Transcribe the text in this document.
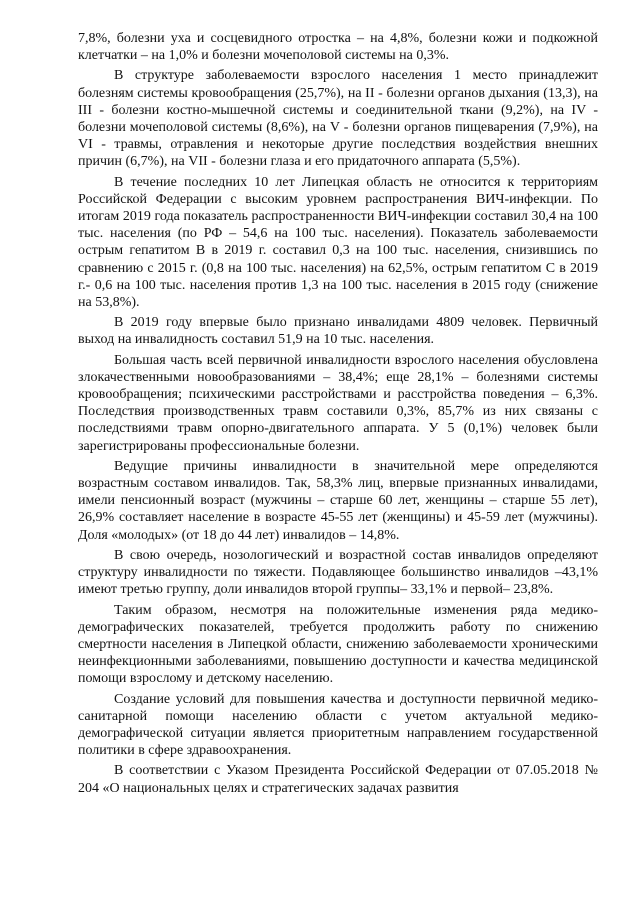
7,8%, болезни уха и сосцевидного отростка – на 4,8%, болезни кожи и подкожной клетчатки – на 1,0% и болезни мочеполовой системы на 0,3%.

В структуре заболеваемости взрослого населения 1 место принадлежит болезням системы кровообращения (25,7%), на II - болезни органов дыхания (13,3), на III - болезни костно-мышечной системы и соединительной ткани (9,2%), на IV - болезни мочеполовой системы (8,6%), на V - болезни органов пищеварения (7,9%), на VI - травмы, отравления и некоторые другие последствия воздействия внешних причин (6,7%), на VII - болезни глаза и его придаточного аппарата (5,5%).

В течение последних 10 лет Липецкая область не относится к территориям Российской Федерации с высоким уровнем распространения ВИЧ-инфекции. По итогам 2019 года показатель распространенности ВИЧ-инфекции составил 30,4 на 100 тыс. населения (по РФ – 54,6 на 100 тыс. населения). Показатель заболеваемости острым гепатитом В в 2019 г. составил 0,3 на 100 тыс. населения, снизившись по сравнению с 2015 г. (0,8 на 100 тыс. населения) на 62,5%, острым гепатитом С в 2019 г.- 0,6 на 100 тыс. населения против 1,3 на 100 тыс. населения в 2015 году (снижение на 53,8%).

В 2019 году впервые было признано инвалидами 4809 человек. Первичный выход на инвалидность составил 51,9 на 10 тыс. населения.

Большая часть всей первичной инвалидности взрослого населения обусловлена злокачественными новообразованиями – 38,4%; еще 28,1% – болезнями системы кровообращения; психическими расстройствами и расстройства поведения – 6,3%. Последствия производственных травм составили 0,3%, 85,7% из них связаны с последствиями травм опорно-двигательного аппарата. У 5 (0,1%) человек были зарегистрированы профессиональные болезни.

Ведущие причины инвалидности в значительной мере определяются возрастным составом инвалидов. Так, 58,3% лиц, впервые признанных инвалидами, имели пенсионный возраст (мужчины – старше 60 лет, женщины – старше 55 лет), 26,9% составляет население в возрасте 45-55 лет (женщины) и 45-59 лет (мужчины). Доля «молодых» (от 18 до 44 лет) инвалидов – 14,8%.

В свою очередь, нозологический и возрастной состав инвалидов определяют структуру инвалидности по тяжести. Подавляющее большинство инвалидов –43,1% имеют третью группу, доли инвалидов второй группы– 33,1% и первой– 23,8%.

Таким образом, несмотря на положительные изменения ряда медико-демографических показателей, требуется продолжить работу по снижению смертности населения в Липецкой области, снижению заболеваемости хроническими неинфекционными заболеваниями, повышению доступности и качества медицинской помощи взрослому и детскому населению.

Создание условий для повышения качества и доступности первичной медико-санитарной помощи населению области с учетом актуальной медико-демографической ситуации является приоритетным направлением государственной политики в сфере здравоохранения.

В соответствии с Указом Президента Российской Федерации от 07.05.2018 № 204 «О национальных целях и стратегических задачах развития
